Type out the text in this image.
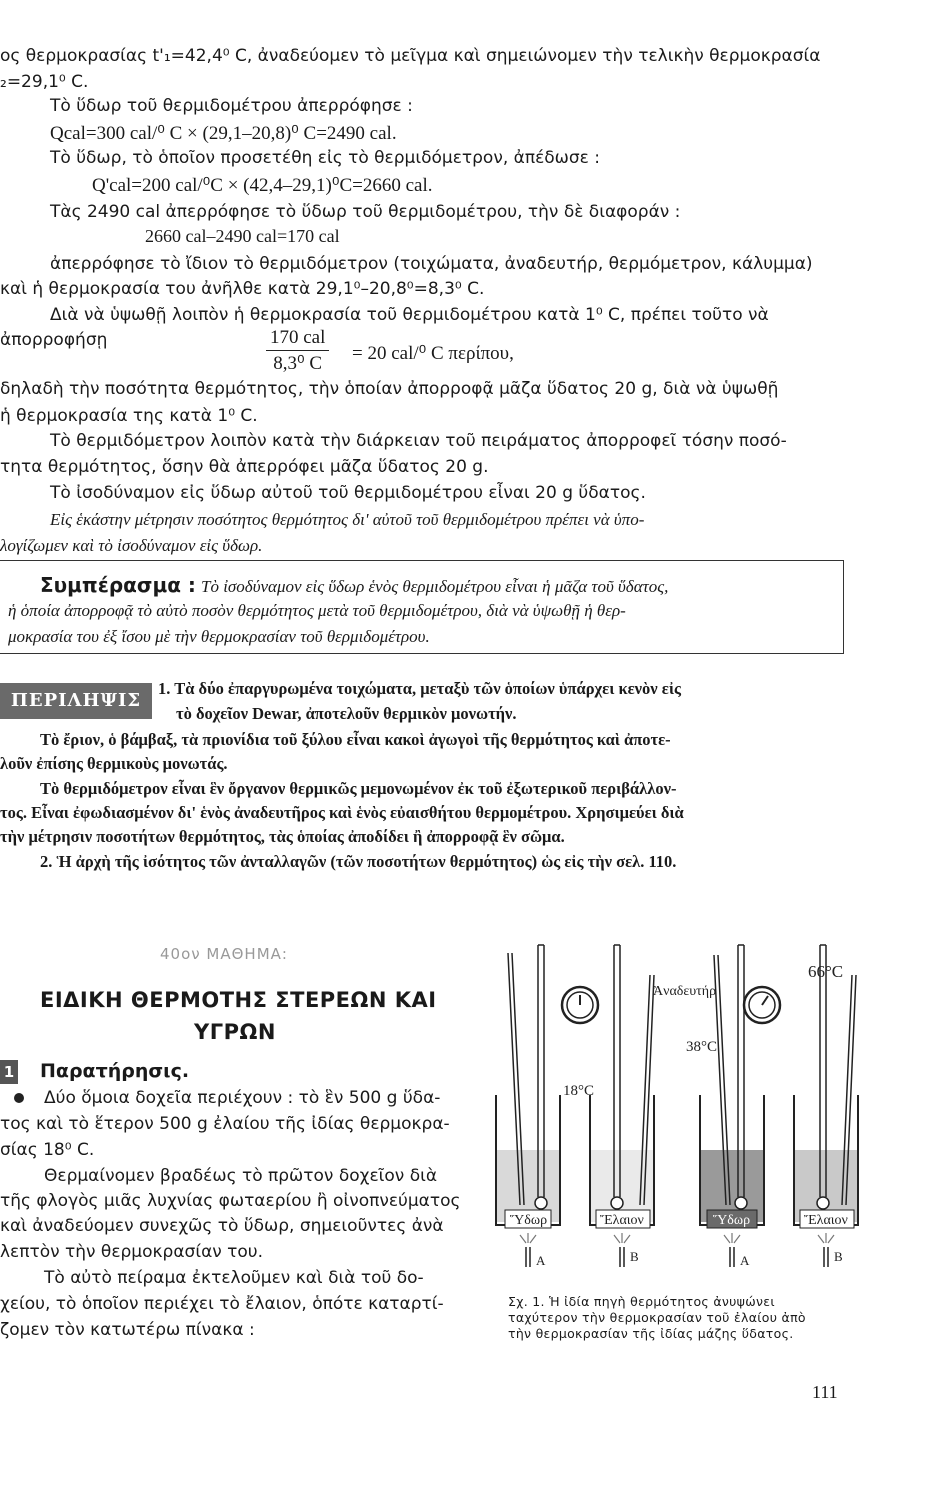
ος θερμοκρασίας t'₁=42,4⁰ C, ἀναδεύομεν τὸ μεῖγμα καὶ σημειώνομεν τὴν τελικὴν θερμοκρασία
₂=29,1⁰ C.
Τὸ ὕδωρ τοῦ θερμιδομέτρου ἀπερρόφησε :
Qcal=300 cal/⁰ C × (29,1–20,8)⁰ C=2490 cal.
Τὸ ὕδωρ, τὸ ὁποῖον προσετέθη εἰς τὸ θερμιδόμετρον, ἀπέδωσε :
Q'cal=200 cal/⁰C × (42,4–29,1)⁰C=2660 cal.
Τὰς 2490 cal ἀπερρόφησε τὸ ὕδωρ τοῦ θερμιδομέτρου, τὴν δὲ διαφοράν :
2660 cal–2490 cal=170 cal
ἀπερρόφησε τὸ ἴδιον τὸ θερμιδόμετρον (τοιχώματα, ἀναδευτήρ, θερμόμετρον, κάλυμμα)
καὶ ἡ θερμοκρασία του ἀνῆλθε κατὰ 29,1⁰–20,8⁰=8,3⁰ C.
Διὰ νὰ ὑψωθῇ λοιπὸν ἡ θερμοκρασία τοῦ θερμιδομέτρου κατὰ 1⁰ C, πρέπει τοῦτο νὰ
ἀπορροφήσῃ	170 cal
8,3⁰ C	= 20 cal/⁰ C περίπου,
δηλαδὴ τὴν ποσότητα θερμότητος, τὴν ὁποίαν ἀπορροφᾷ μᾶζα ὕδατος 20 g, διὰ νὰ ὑψωθῇ
ἡ θερμοκρασία της κατὰ 1⁰ C.
Τὸ θερμιδόμετρον λοιπὸν κατὰ τὴν διάρκειαν τοῦ πειράματος ἀπορροφεῖ τόσην ποσό-
τητα θερμότητος, ὅσην θὰ ἀπερρόφει μᾶζα ὕδατος 20 g.
Τὸ ἰσοδύναμον εἰς ὕδωρ αὐτοῦ τοῦ θερμιδομέτρου εἶναι 20 g ὕδατος.
Εἰς ἑκάστην μέτρησιν ποσότητος θερμότητος δι' αὐτοῦ τοῦ θερμιδομέτρου πρέπει νὰ ὑπο-
λογίζωμεν καὶ τὸ ἰσοδύναμον εἰς ὕδωρ.
Συμπέρασμα : Τὸ ἰσοδύναμον εἰς ὕδωρ ἑνὸς θερμιδομέτρου εἶναι ἡ μᾶζα τοῦ ὕδατος,
ἡ ὁποία ἀπορροφᾷ τὸ αὐτὸ ποσὸν θερμότητος μετὰ τοῦ θερμιδομέτρου, διὰ νὰ ὑψωθῇ ἡ θερ-
μοκρασία του ἐξ ἴσου μὲ τὴν θερμοκρασίαν τοῦ θερμιδομέτρου.
ΠΕΡΙΛΗΨΙΣ
1. Τὰ δύο ἐπαργυρωμένα τοιχώματα, μεταξὺ τῶν ὁποίων ὑπάρχει κενὸν εἰς
τὸ δοχεῖον Dewar, ἀποτελοῦν θερμικὸν μονωτήν.
Τὸ ἔριον, ὁ βάμβαξ, τὰ πριονίδια τοῦ ξύλου εἶναι κακοὶ ἀγωγοὶ τῆς θερμότητος καὶ ἀποτε-
λοῦν ἐπίσης θερμικοὺς μονωτάς.
Τὸ θερμιδόμετρον εἶναι ἓν ὄργανον θερμικῶς μεμονωμένον ἐκ τοῦ ἐξωτερικοῦ περιβάλλον-
τος. Εἶναι ἐφωδιασμένον δι' ἑνὸς ἀναδευτῆρος καὶ ἑνὸς εὐαισθήτου θερμομέτρου. Χρησιμεύει διὰ
τὴν μέτρησιν ποσοτήτων θερμότητος, τὰς ὁποίας ἀποδίδει ἢ ἀπορροφᾷ ἓν σῶμα.
2. Ἡ ἀρχὴ τῆς ἰσότητος τῶν ἀνταλλαγῶν (τῶν ποσοτήτων θερμότητος) ὡς εἰς τὴν σελ. 110.
40ον ΜΑΘΗΜΑ:
ΕΙΔΙΚΗ ΘΕΡΜΟΤΗΣ ΣΤΕΡΕΩΝ ΚΑΙ
ΥΓΡΩΝ
1 Παρατήρησις.
Δύο ὅμοια δοχεῖα περιέχουν : τὸ ἓν 500 g ὕδα-
τος καὶ τὸ ἕτερον 500 g ἐλαίου τῆς ἰδίας θερμοκρα-
σίας 18⁰ C.
Θερμαίνομεν βραδέως τὸ πρῶτον δοχεῖον διὰ
τῆς φλογὸς μιᾶς λυχνίας φωταερίου ἢ οἰνοπνεύματος
καὶ ἀναδεύομεν συνεχῶς τὸ ὕδωρ, σημειοῦντες ἀνὰ
λεπτὸν τὴν θερμοκρασίαν του.
Τὸ αὐτὸ πείραμα ἐκτελοῦμεν καὶ διὰ τοῦ δο-
χείου, τὸ ὁποῖον περιέχει τὸ ἔλαιον, ὁπότε καταρτί-
ζομεν τὸν κατωτέρω πίνακα :
66°C
Ἀναδευτήρ
38°C
18°C
Ὕδωρ	Ἔλαιον	Ὕδωρ	Ἔλαιον
A	B	A	B
Σχ. 1. Ἡ ἰδία πηγὴ θερμότητος ἀνυψώνει
ταχύτερον τὴν θερμοκρασίαν τοῦ ἐλαίου ἀπὸ
τὴν θερμοκρασίαν τῆς ἰδίας μάζης ὕδατος.
111
